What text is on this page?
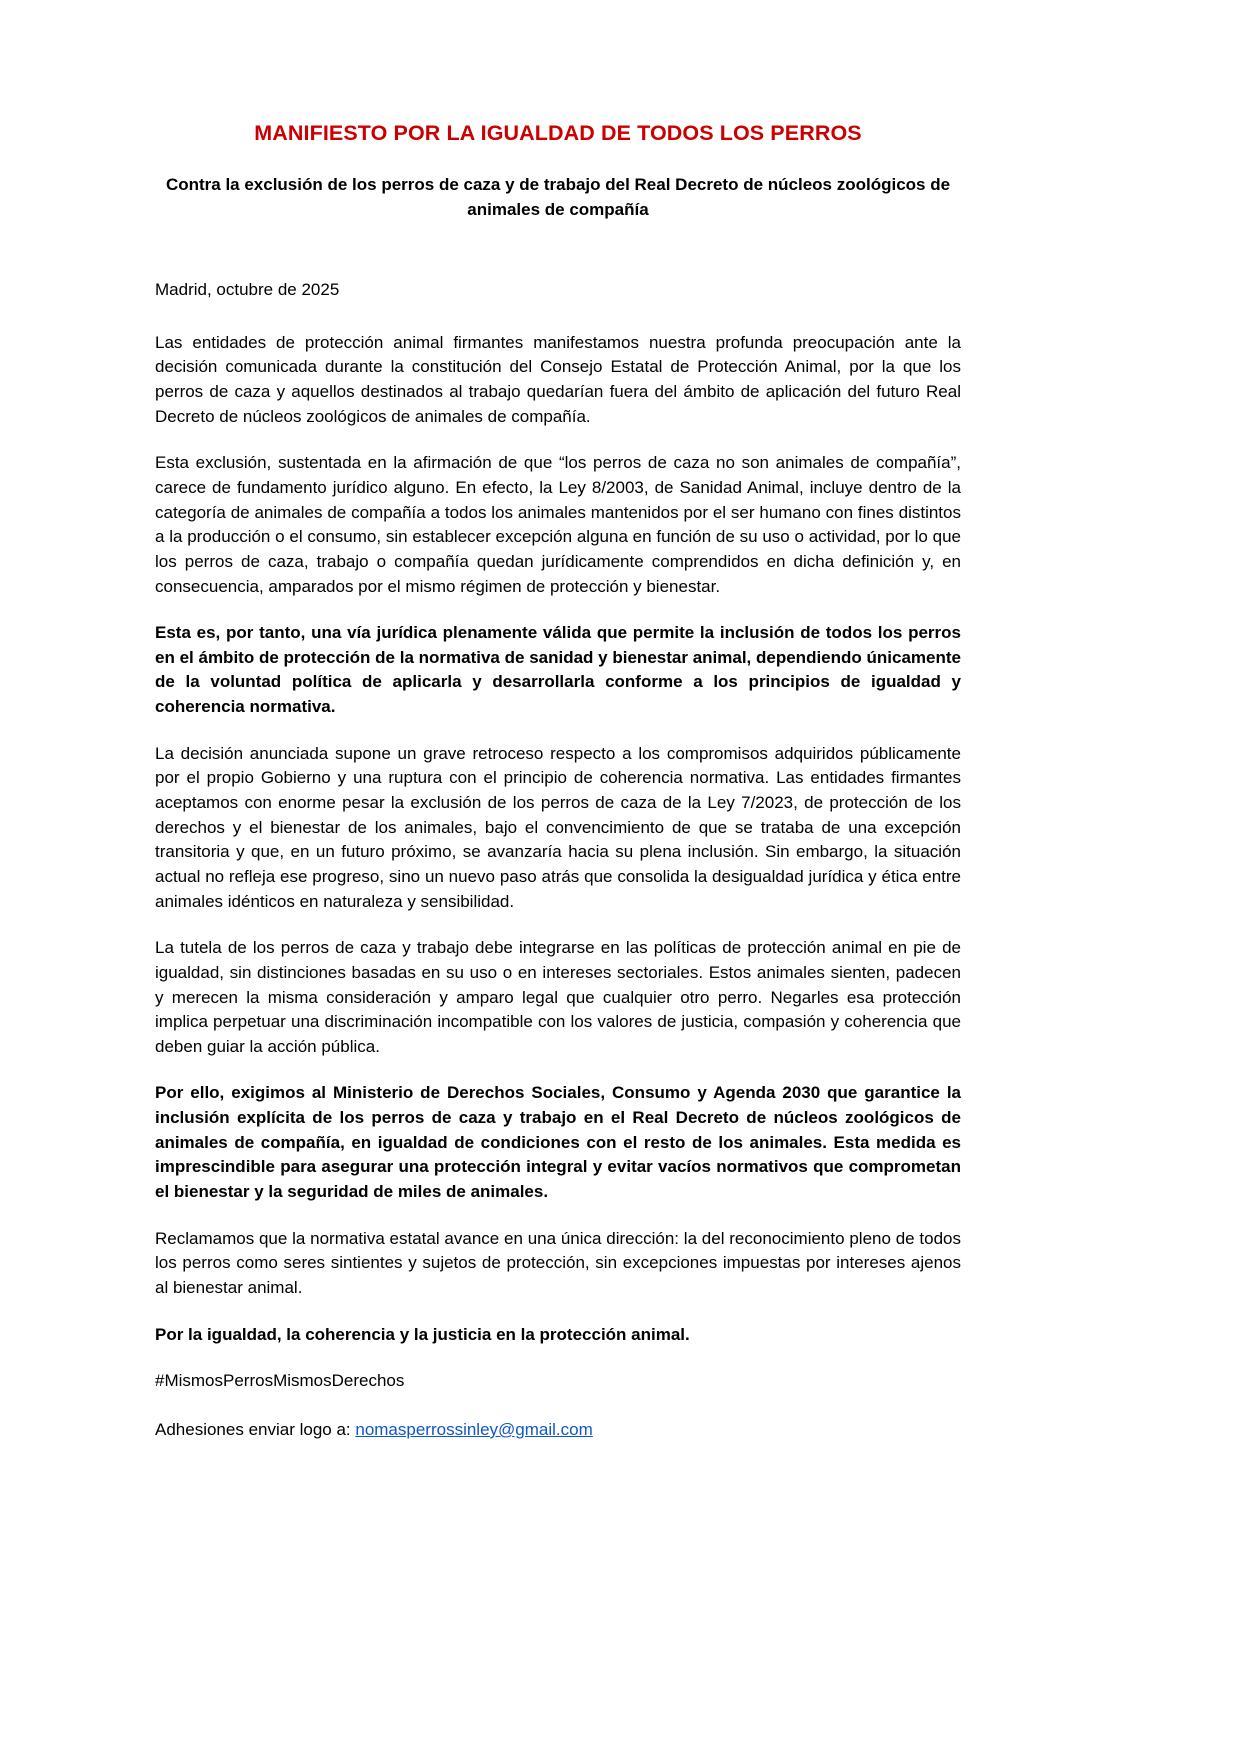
MANIFIESTO POR LA IGUALDAD DE TODOS LOS PERROS
Contra la exclusión de los perros de caza y de trabajo del Real Decreto de núcleos zoológicos de animales de compañía

Madrid, octubre de 2025

Las entidades de protección animal firmantes manifestamos nuestra profunda preocupación ante la decisión comunicada durante la constitución del Consejo Estatal de Protección Animal, por la que los perros de caza y aquellos destinados al trabajo quedarían fuera del ámbito de aplicación del futuro Real Decreto de núcleos zoológicos de animales de compañía.

Esta exclusión, sustentada en la afirmación de que “los perros de caza no son animales de compañía”, carece de fundamento jurídico alguno. En efecto, la Ley 8/2003, de Sanidad Animal, incluye dentro de la categoría de animales de compañía a todos los animales mantenidos por el ser humano con fines distintos a la producción o el consumo, sin establecer excepción alguna en función de su uso o actividad, por lo que los perros de caza, trabajo o compañía quedan jurídicamente comprendidos en dicha definición y, en consecuencia, amparados por el mismo régimen de protección y bienestar.

Esta es, por tanto, una vía jurídica plenamente válida que permite la inclusión de todos los perros en el ámbito de protección de la normativa de sanidad y bienestar animal, dependiendo únicamente de la voluntad política de aplicarla y desarrollarla conforme a los principios de igualdad y coherencia normativa.

La decisión anunciada supone un grave retroceso respecto a los compromisos adquiridos públicamente por el propio Gobierno y una ruptura con el principio de coherencia normativa. Las entidades firmantes aceptamos con enorme pesar la exclusión de los perros de caza de la Ley 7/2023, de protección de los derechos y el bienestar de los animales, bajo el convencimiento de que se trataba de una excepción transitoria y que, en un futuro próximo, se avanzaría hacia su plena inclusión. Sin embargo, la situación actual no refleja ese progreso, sino un nuevo paso atrás que consolida la desigualdad jurídica y ética entre animales idénticos en naturaleza y sensibilidad.

La tutela de los perros de caza y trabajo debe integrarse en las políticas de protección animal en pie de igualdad, sin distinciones basadas en su uso o en intereses sectoriales. Estos animales sienten, padecen y merecen la misma consideración y amparo legal que cualquier otro perro. Negarles esa protección implica perpetuar una discriminación incompatible con los valores de justicia, compasión y coherencia que deben guiar la acción pública.

Por ello, exigimos al Ministerio de Derechos Sociales, Consumo y Agenda 2030 que garantice la inclusión explícita de los perros de caza y trabajo en el Real Decreto de núcleos zoológicos de animales de compañía, en igualdad de condiciones con el resto de los animales. Esta medida es imprescindible para asegurar una protección integral y evitar vacíos normativos que comprometan el bienestar y la seguridad de miles de animales.

Reclamamos que la normativa estatal avance en una única dirección: la del reconocimiento pleno de todos los perros como seres sintientes y sujetos de protección, sin excepciones impuestas por intereses ajenos al bienestar animal.

Por la igualdad, la coherencia y la justicia en la protección animal.

#MismosPerrosMismosDerechos

Adhesiones enviar logo a: nomasperrossinley@gmail.com
